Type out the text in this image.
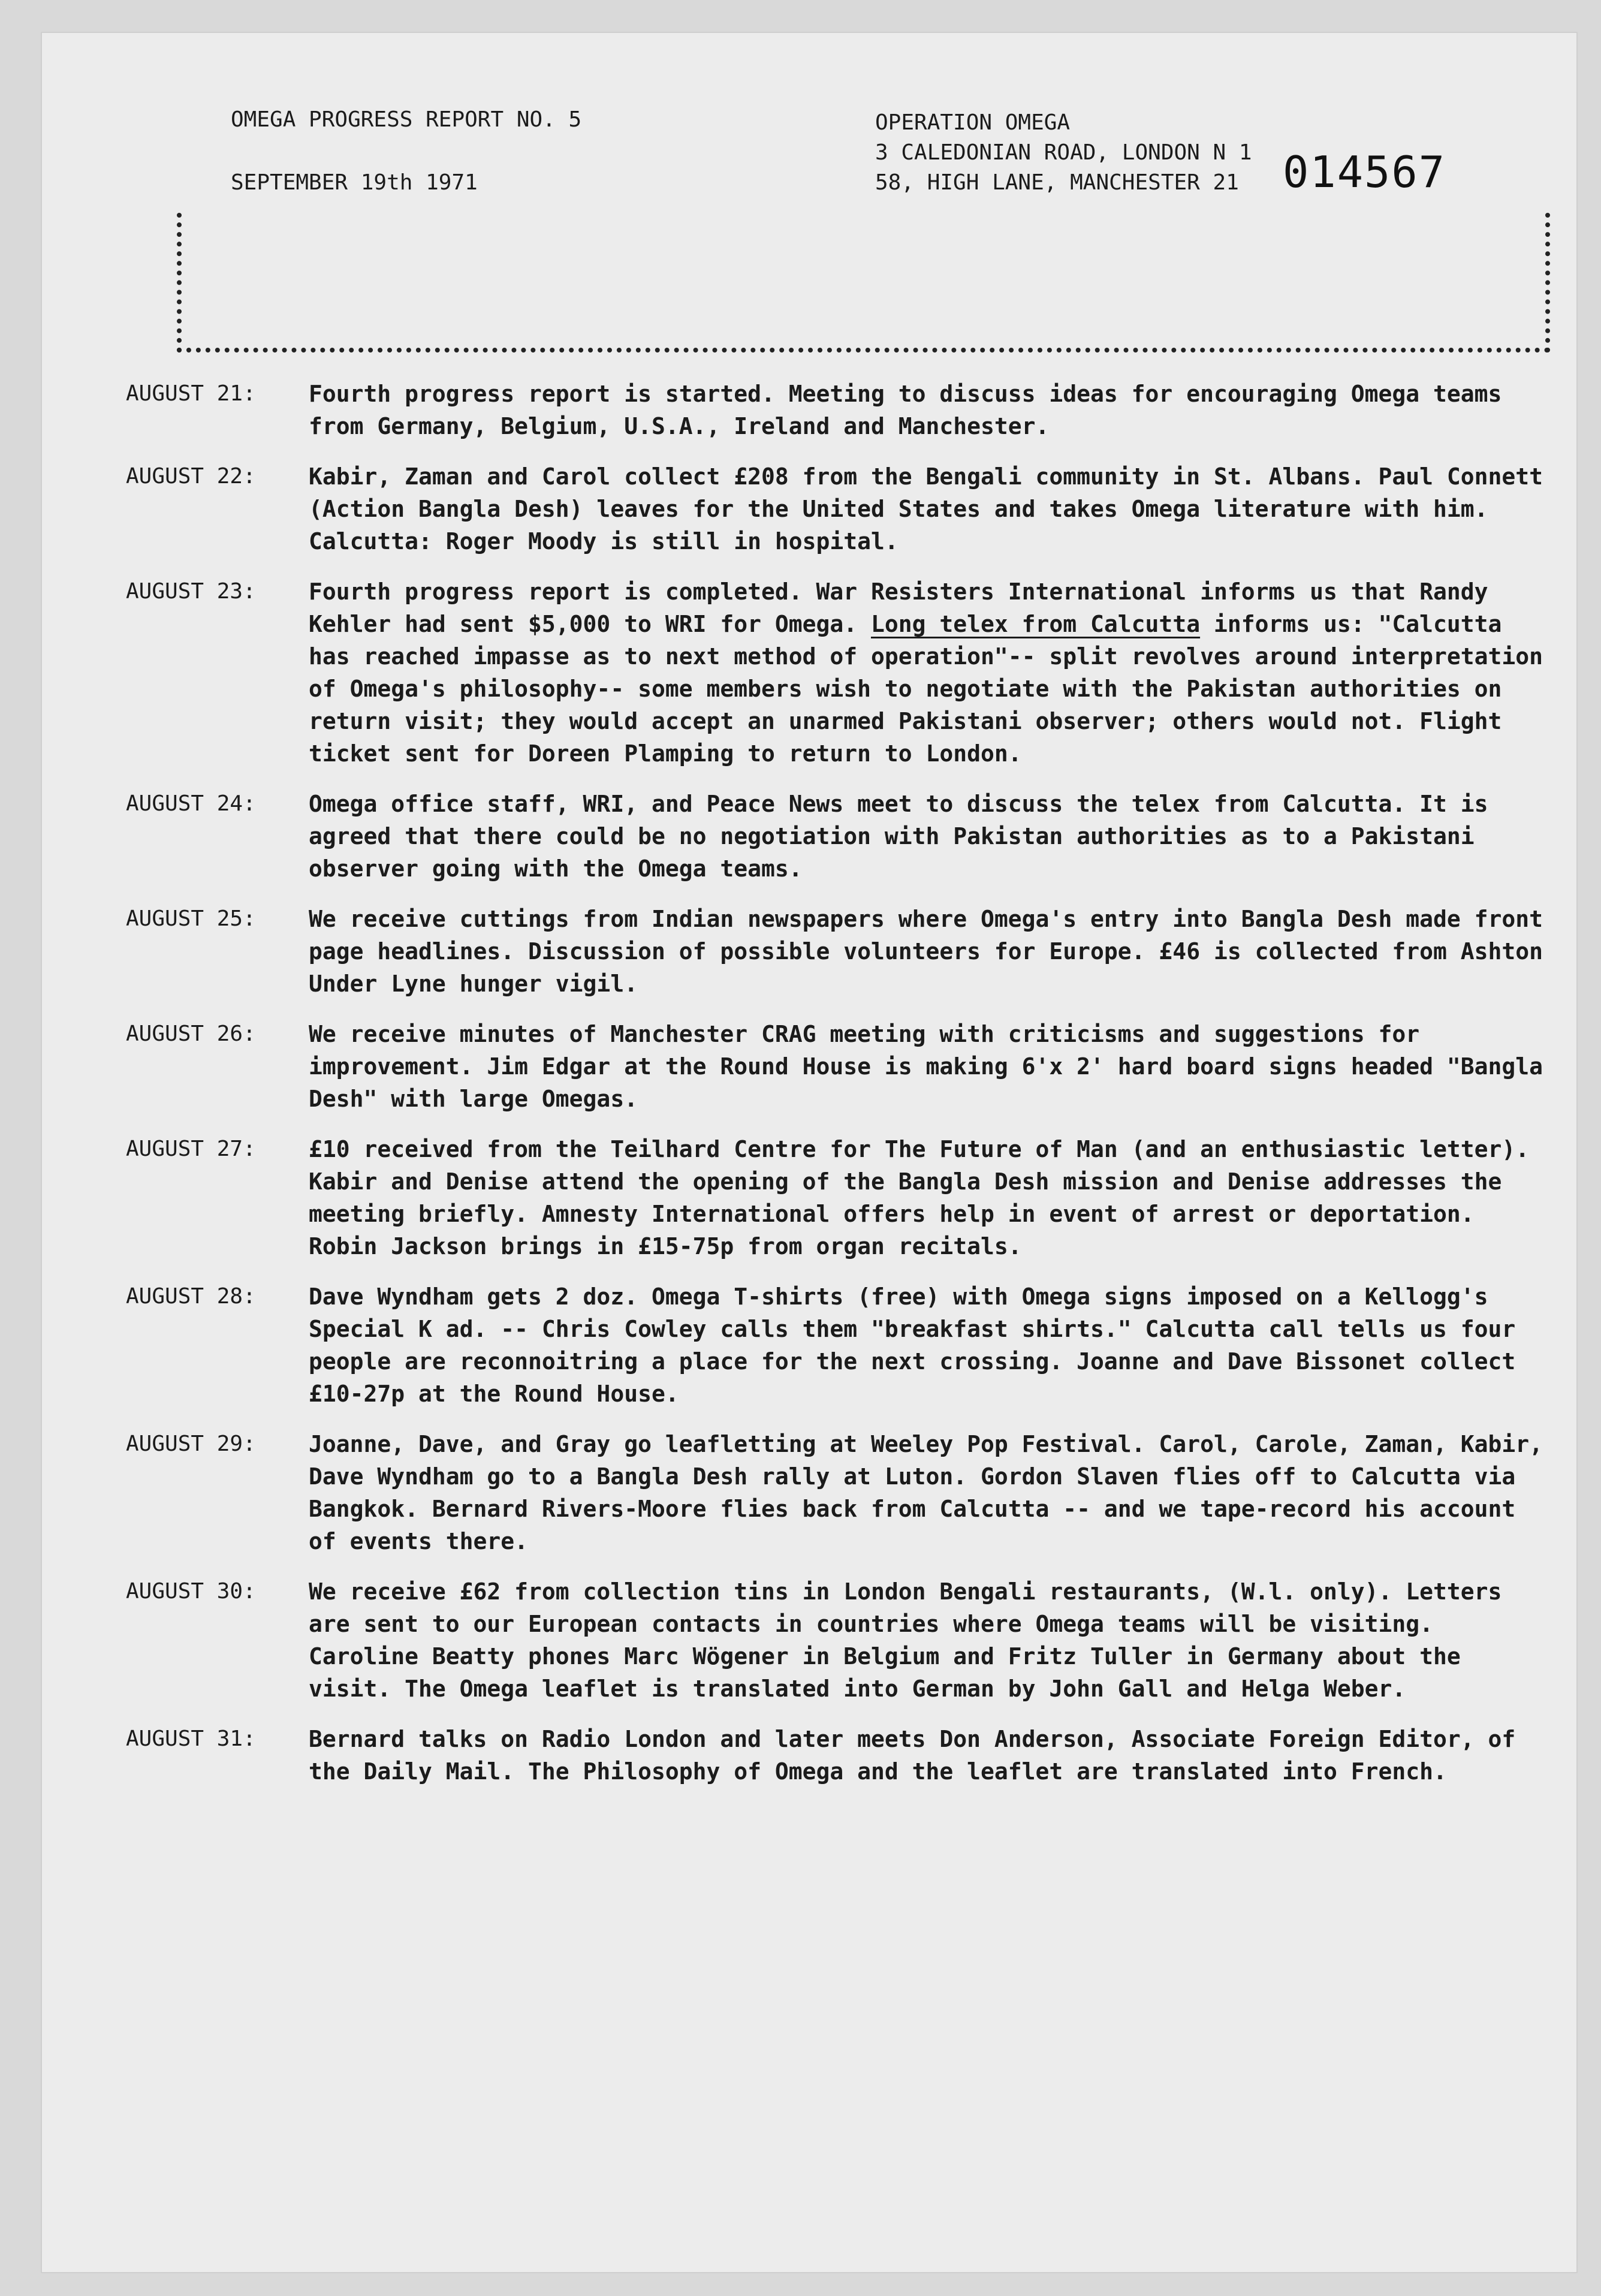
014567
OMEGA PROGRESS REPORT NO. 5
SEPTEMBER 19th 1971
OPERATION OMEGA
3 CALEDONIAN ROAD, LONDON N 1
58, HIGH LANE, MANCHESTER 21
AUGUST 21:	Fourth progress report is started. Meeting to discuss ideas for encouraging Omega teams from Germany, Belgium, U.S.A., Ireland and Manchester.
AUGUST 22:	Kabir, Zaman and Carol collect £208 from the Bengali community in St. Albans. Paul Connett (Action Bangla Desh) leaves for the United States and takes Omega literature with him. Calcutta: Roger Moody is still in hospital.
AUGUST 23:	Fourth progress report is completed. War Resisters International informs us that Randy Kehler had sent $5,000 to WRI for Omega. Long telex from Calcutta informs us: "Calcutta has reached impasse as to next method of operation"-- split revolves around interpretation of Omega's philosophy-- some members wish to negotiate with the Pakistan authorities on return visit; they would accept an unarmed Pakistani observer; others would not. Flight ticket sent for Doreen Plamping to return to London.
AUGUST 24:	Omega office staff, WRI, and Peace News meet to discuss the telex from Calcutta. It is agreed that there could be no negotiation with Pakistan authorities as to a Pakistani observer going with the Omega teams.
AUGUST 25:	We receive cuttings from Indian newspapers where Omega's entry into Bangla Desh made front page headlines. Discussion of possible volunteers for Europe. £46 is collected from Ashton Under Lyne hunger vigil.
AUGUST 26:	We receive minutes of Manchester CRAG meeting with criticisms and suggestions for improvement. Jim Edgar at the Round House is making 6'x 2' hard board signs headed "Bangla Desh" with large Omegas.
AUGUST 27:	£10 received from the Teilhard Centre for The Future of Man (and an enthusiastic letter). Kabir and Denise attend the opening of the Bangla Desh mission and Denise addresses the meeting briefly. Amnesty International offers help in event of arrest or deportation. Robin Jackson brings in £15-75p from organ recitals.
AUGUST 28:	Dave Wyndham gets 2 doz. Omega T-shirts (free) with Omega signs imposed on a Kellogg's Special K ad. -- Chris Cowley calls them "breakfast shirts." Calcutta call tells us four people are reconnoitring a place for the next crossing. Joanne and Dave Bissonet collect £10-27p at the Round House.
AUGUST 29:	Joanne, Dave, and Gray go leafletting at Weeley Pop Festival. Carol, Carole, Zaman, Kabir, Dave Wyndham go to a Bangla Desh rally at Luton. Gordon Slaven flies off to Calcutta via Bangkok. Bernard Rivers-Moore flies back from Calcutta -- and we tape-record his account of events there.
AUGUST 30:	We receive £62 from collection tins in London Bengali restaurants, (W.l. only). Letters are sent to our European contacts in countries where Omega teams will be visiting. Caroline Beatty phones Marc Wögener in Belgium and Fritz Tuller in Germany about the visit. The Omega leaflet is translated into German by John Gall and Helga Weber.
AUGUST 31:	Bernard talks on Radio London and later meets Don Anderson, Associate Foreign Editor, of the Daily Mail. The Philosophy of Omega and the leaflet are translated into French.
